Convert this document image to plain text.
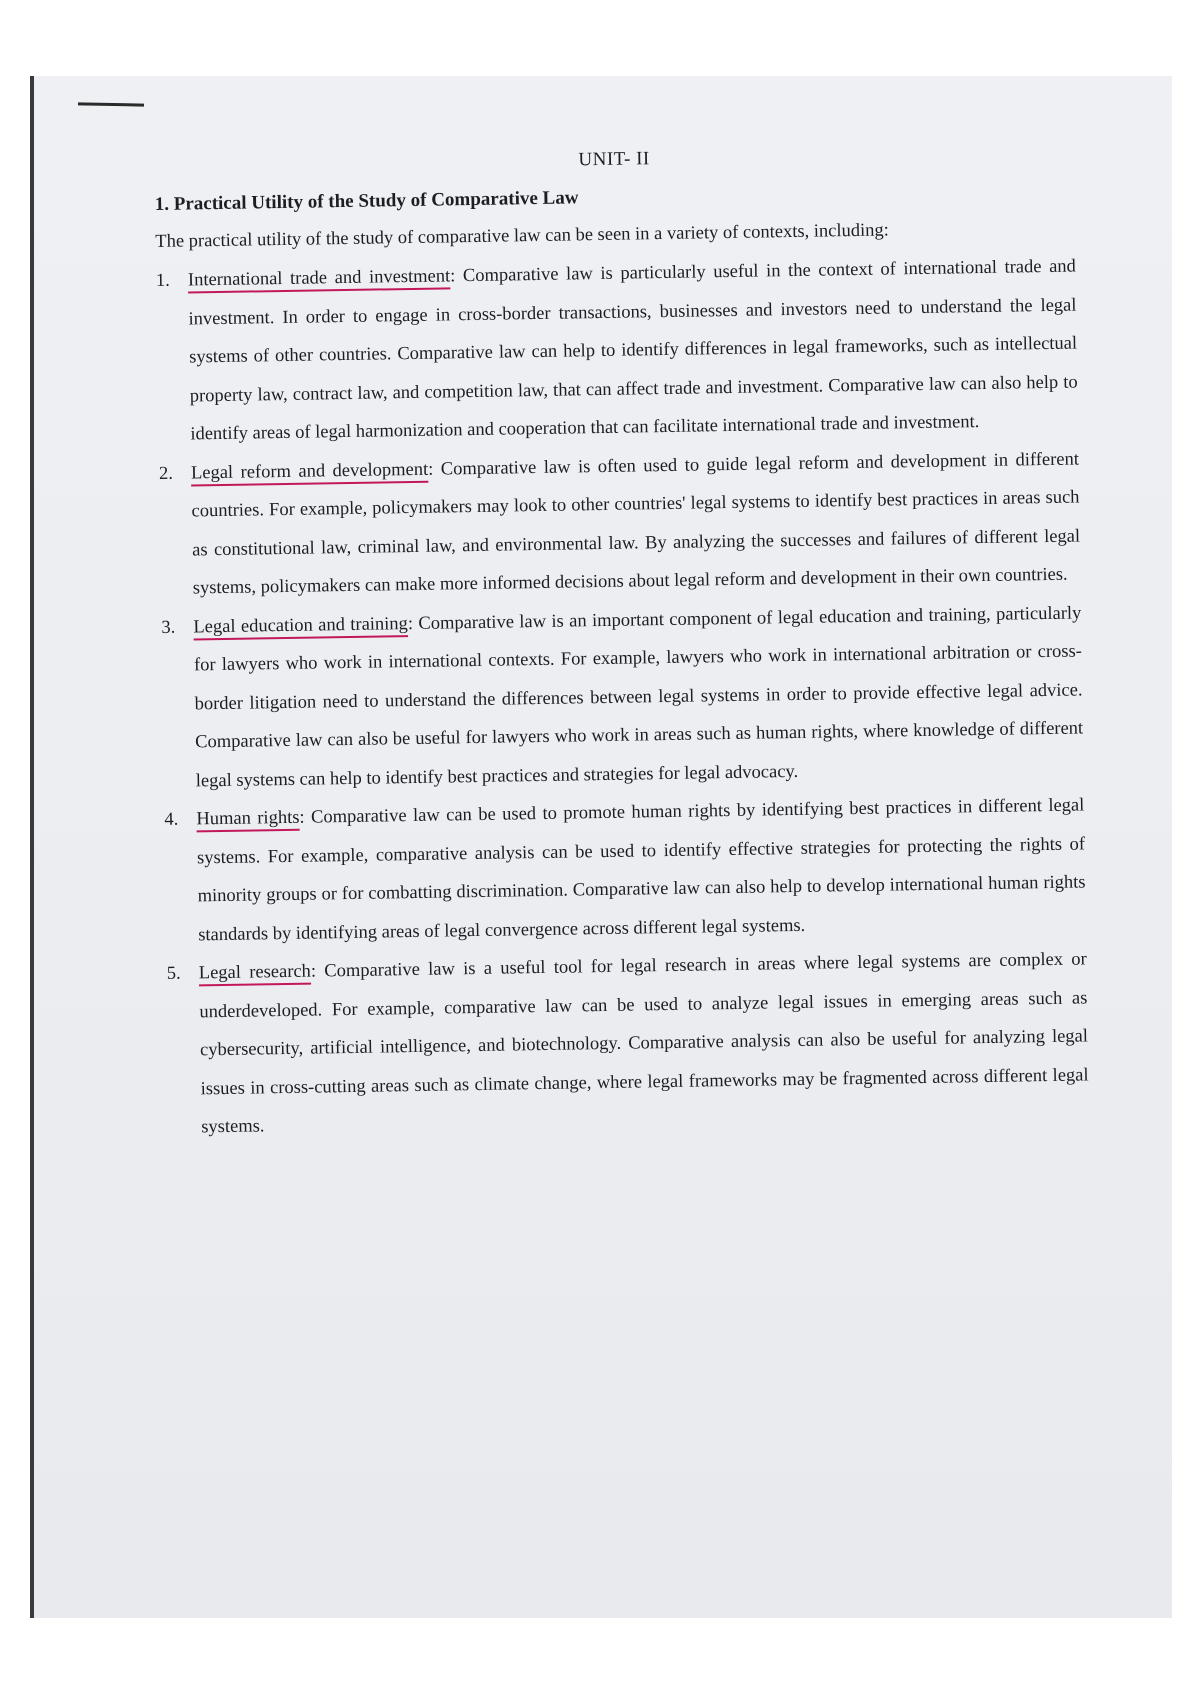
UNIT- II
1. Practical Utility of the Study of Comparative Law

The practical utility of the study of comparative law can be seen in a variety of contexts, including:

1. International trade and investment: Comparative law is particularly useful in the context of international trade and investment. In order to engage in cross-border transactions, businesses and investors need to understand the legal systems of other countries. Comparative law can help to identify differences in legal frameworks, such as intellectual property law, contract law, and competition law, that can affect trade and investment. Comparative law can also help to identify areas of legal harmonization and cooperation that can facilitate international trade and investment.
2. Legal reform and development: Comparative law is often used to guide legal reform and development in different countries. For example, policymakers may look to other countries' legal systems to identify best practices in areas such as constitutional law, criminal law, and environmental law. By analyzing the successes and failures of different legal systems, policymakers can make more informed decisions about legal reform and development in their own countries.
3. Legal education and training: Comparative law is an important component of legal education and training, particularly for lawyers who work in international contexts. For example, lawyers who work in international arbitration or cross-border litigation need to understand the differences between legal systems in order to provide effective legal advice. Comparative law can also be useful for lawyers who work in areas such as human rights, where knowledge of different legal systems can help to identify best practices and strategies for legal advocacy.
4. Human rights: Comparative law can be used to promote human rights by identifying best practices in different legal systems. For example, comparative analysis can be used to identify effective strategies for protecting the rights of minority groups or for combatting discrimination. Comparative law can also help to develop international human rights standards by identifying areas of legal convergence across different legal systems.
5. Legal research: Comparative law is a useful tool for legal research in areas where legal systems are complex or underdeveloped. For example, comparative law can be used to analyze legal issues in emerging areas such as cybersecurity, artificial intelligence, and biotechnology. Comparative analysis can also be useful for analyzing legal issues in cross-cutting areas such as climate change, where legal frameworks may be fragmented across different legal systems.
